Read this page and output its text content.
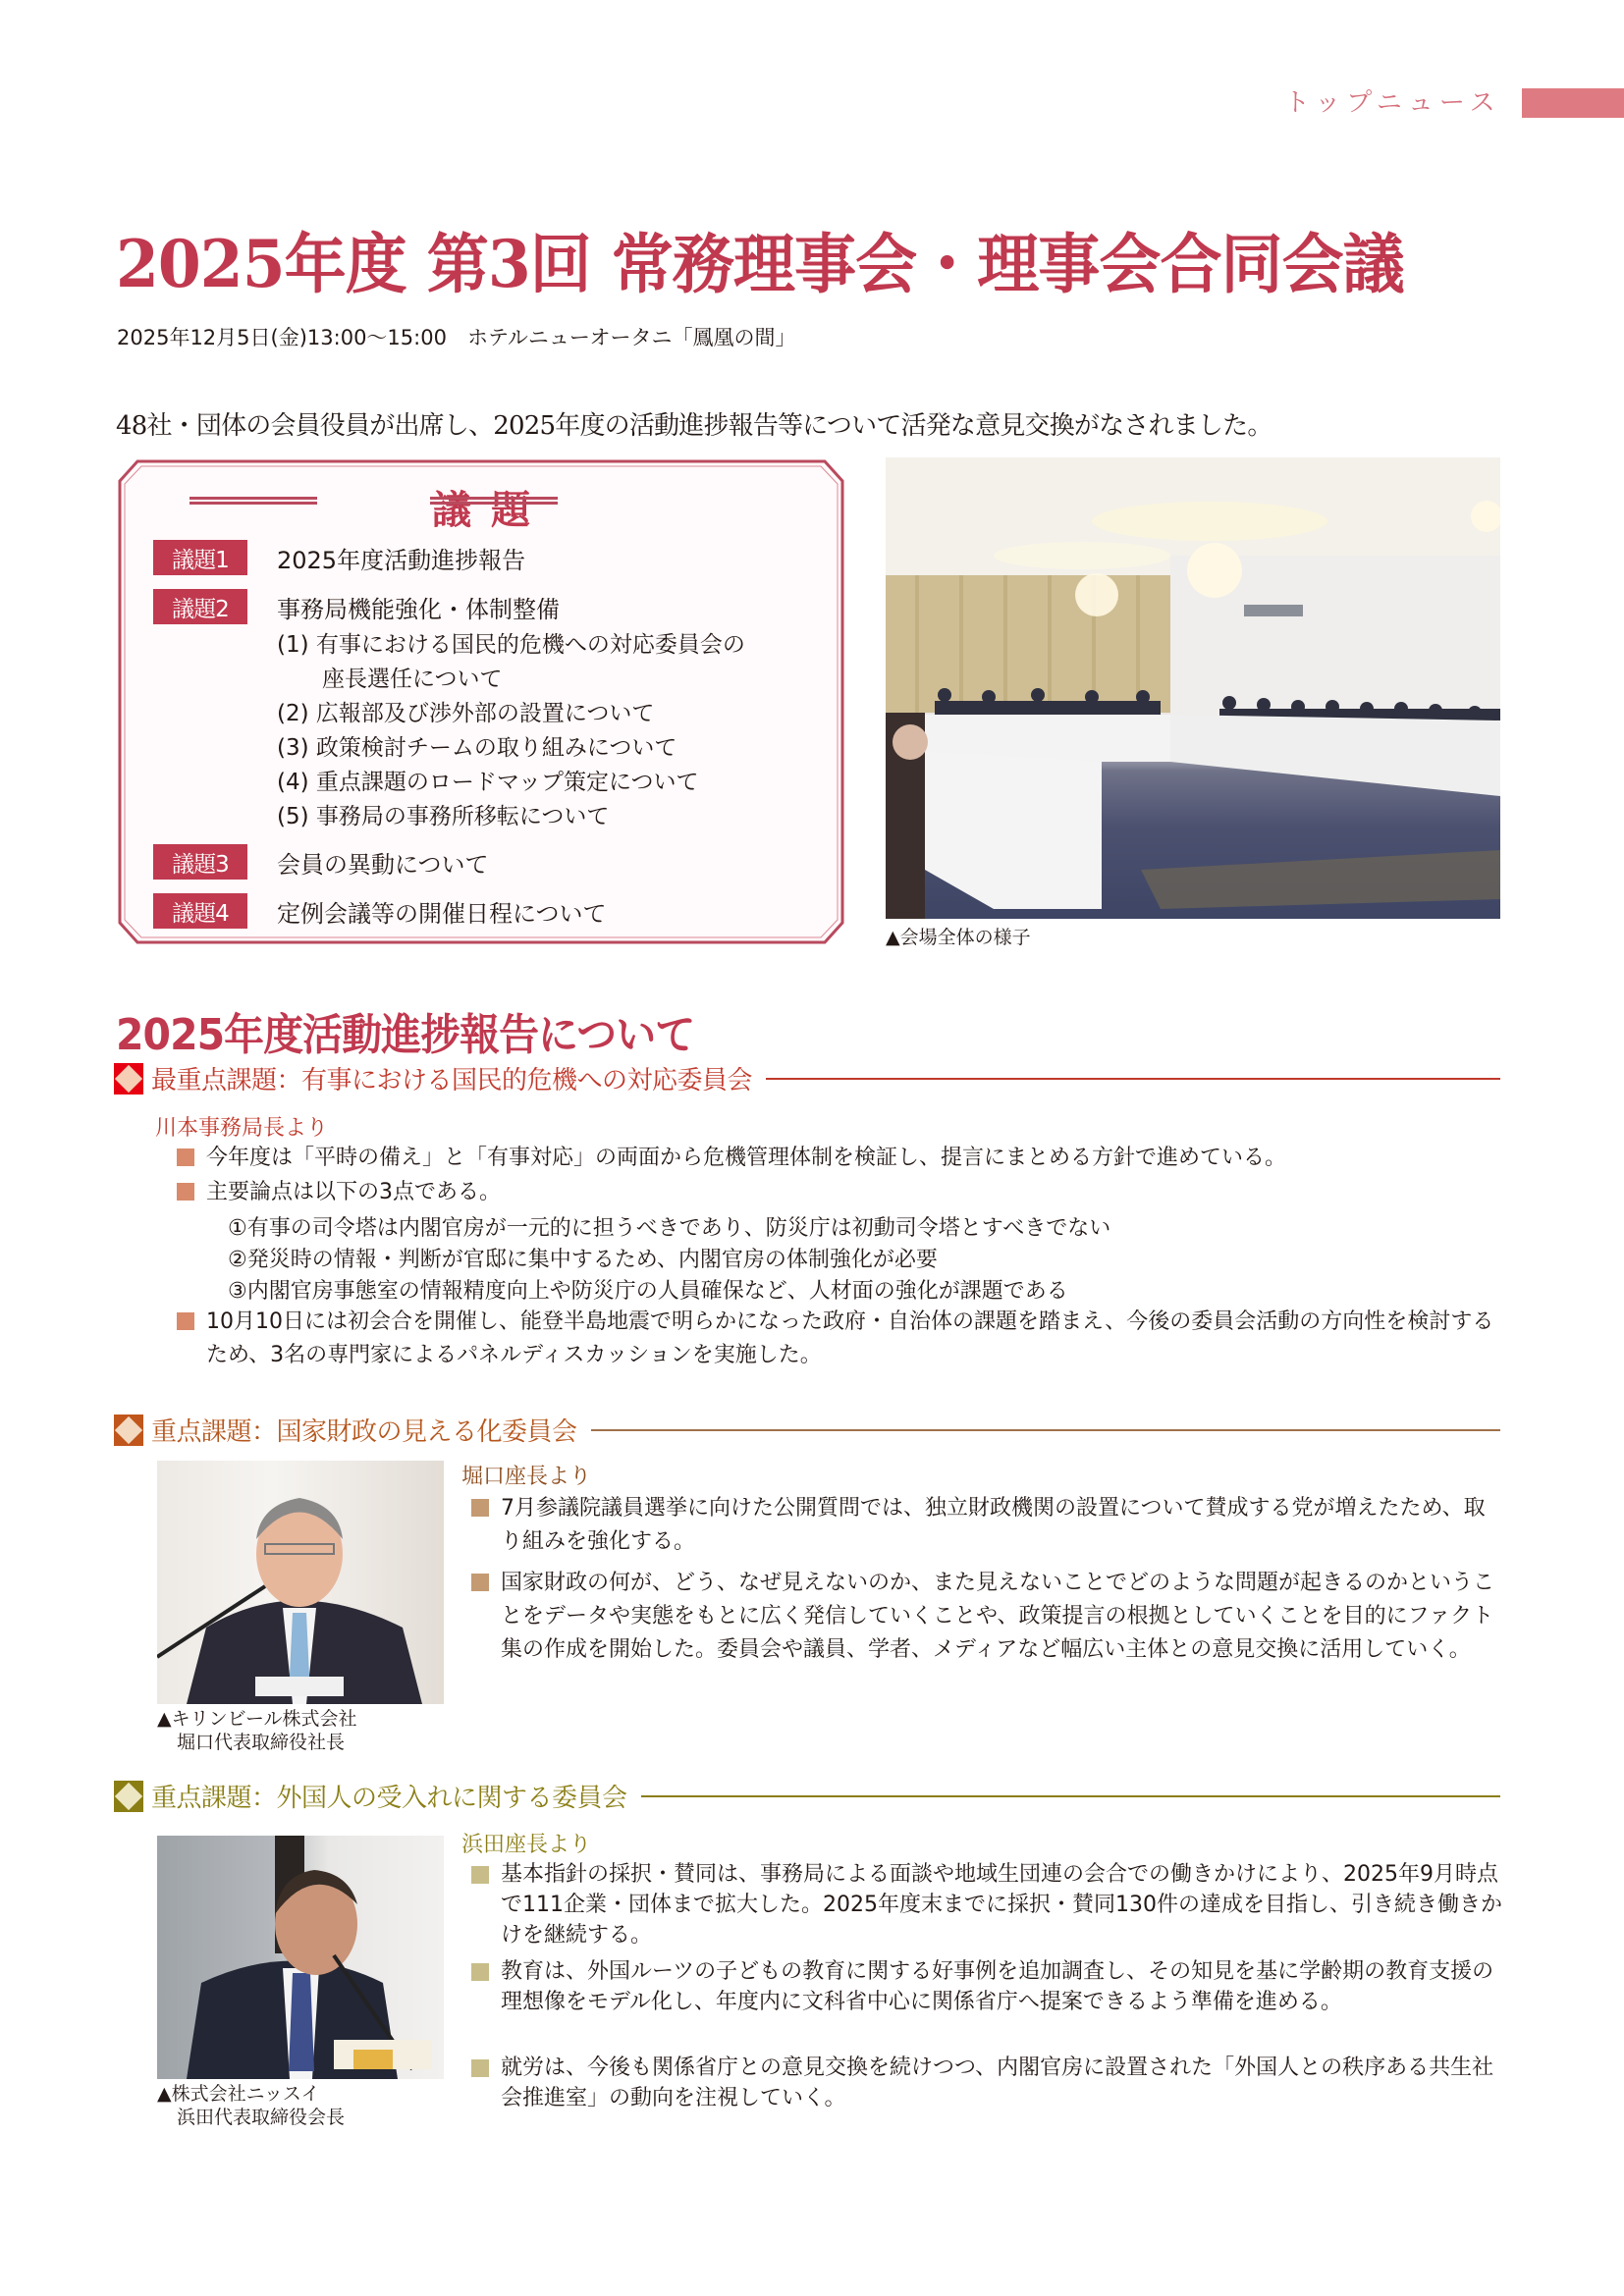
トップニュース
2025年度 第3回 常務理事会・理事会合同会議
2025年12月5日(金)13:00～15:00　ホテルニューオータニ「鳳凰の間」

48社・団体の会員役員が出席し、2025年度の活動進捗報告等について活発な意見交換がなされました。

議題
議題1	2025年度活動進捗報告
議題2	事務局機能強化・体制整備
(1) 有事における国民的危機への対応委員会の
座長選任について
(2) 広報部及び渉外部の設置について
(3) 政策検討チームの取り組みについて
(4) 重点課題のロードマップ策定について
(5) 事務局の事務所移転について
議題3	会員の異動について
議題4	定例会議等の開催日程について
▲会場全体の様子
2025年度活動進捗報告について
最重点課題：有事における国民的危機への対応委員会
川本事務局長より
今年度は「平時の備え」と「有事対応」の両面から危機管理体制を検証し、提言にまとめる方針で進めている。
主要論点は以下の3点である。
①有事の司令塔は内閣官房が一元的に担うべきであり、防災庁は初動司令塔とすべきでない
②発災時の情報・判断が官邸に集中するため、内閣官房の体制強化が必要
③内閣官房事態室の情報精度向上や防災庁の人員確保など、人材面の強化が課題である
10月10日には初会合を開催し、能登半島地震で明らかになった政府・自治体の課題を踏まえ、今後の委員会活動の方向性を検討するため、3名の専門家によるパネルディスカッションを実施した。
重点課題：国家財政の見える化委員会
▲キリンビール株式会社
堀口代表取締役社長
堀口座長より
7月参議院議員選挙に向けた公開質問では、独立財政機関の設置について賛成する党が増えたため、取り組みを強化する。
国家財政の何が、どう、なぜ見えないのか、また見えないことでどのような問題が起きるのかということをデータや実態をもとに広く発信していくことや、政策提言の根拠としていくことを目的にファクト集の作成を開始した。委員会や議員、学者、メディアなど幅広い主体との意見交換に活用していく。
重点課題：外国人の受入れに関する委員会
▲株式会社ニッスイ
浜田代表取締役会長
浜田座長より
基本指針の採択・賛同は、事務局による面談や地域生団連の会合での働きかけにより、2025年9月時点で111企業・団体まで拡大した。2025年度末までに採択・賛同130件の達成を目指し、引き続き働きかけを継続する。
教育は、外国ルーツの子どもの教育に関する好事例を追加調査し、その知見を基に学齢期の教育支援の理想像をモデル化し、年度内に文科省中心に関係省庁へ提案できるよう準備を進める。
就労は、今後も関係省庁との意見交換を続けつつ、内閣官房に設置された「外国人との秩序ある共生社会推進室」の動向を注視していく。
